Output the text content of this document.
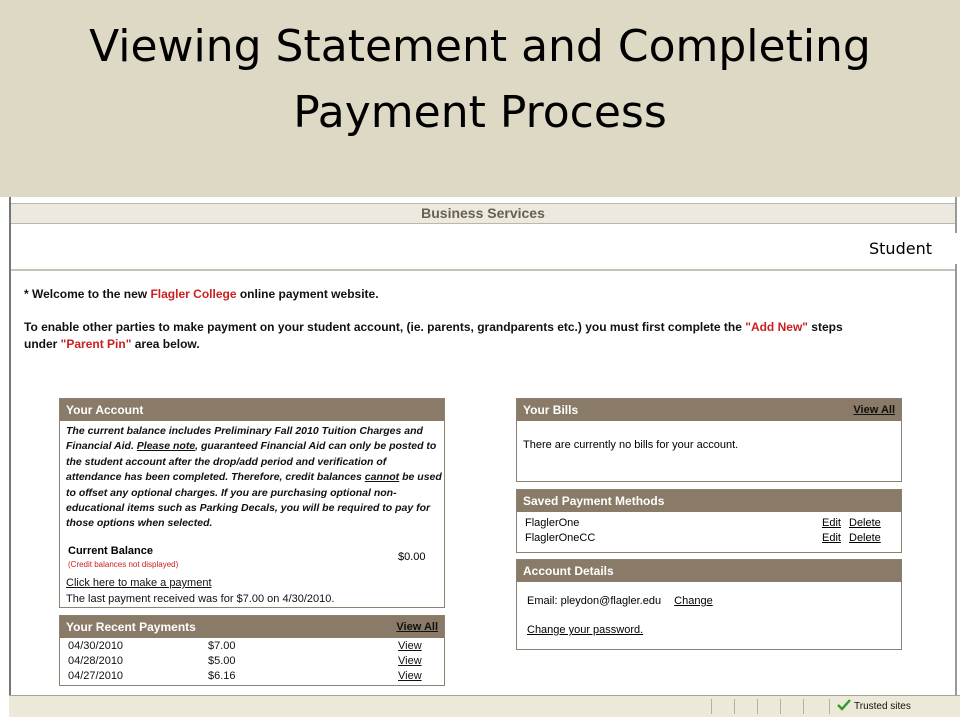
Viewing Statement and Completing
Payment Process
Business Services
Student
* Welcome to the new Flagler College online payment website.
To enable other parties to make payment on your student account, (ie. parents, grandparents etc.) you must first complete the "Add New" steps
under "Parent Pin" area below.
Your Account
The current balance includes Preliminary Fall 2010 Tuition Charges and Financial Aid. Please note, guaranteed Financial Aid can only be posted to the student account after the drop/add period and verification of attendance has been completed. Therefore, credit balances cannot be used to offset any optional charges. If you are purchasing optional non-educational items such as Parking Decals, you will be required to pay for those options when selected.
Current Balance
(Credit balances not displayed)
$0.00
Click here to make a payment
The last payment received was for $7.00 on 4/30/2010.
Your Recent Payments	View All
04/30/2010	$7.00	View
04/28/2010	$5.00	View
04/27/2010	$6.16	View
Your Bills	View All
There are currently no bills for your account.
Saved Payment Methods
FlaglerOne	Edit Delete
FlaglerOneCC	Edit Delete
Account Details
Email: pleydon@flagler.edu Change
Change your password.
Trusted sites
